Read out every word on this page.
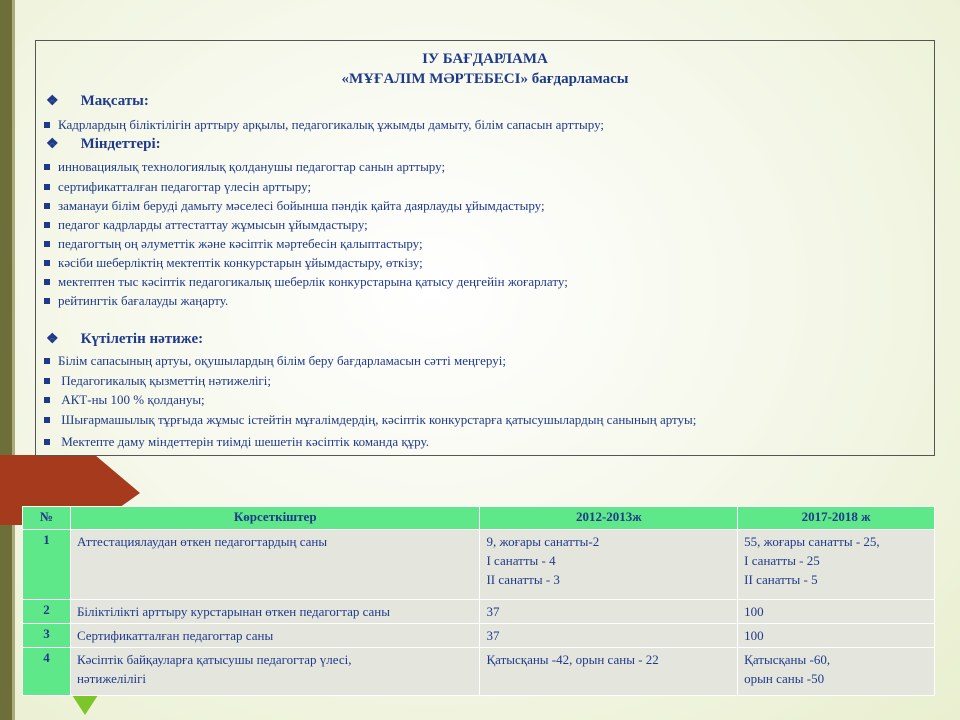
IУ БАҒДАРЛАМА
«МҰҒАЛІМ МӘРТЕБЕСІ» бағдарламасы
❖ Мақсаты:
Кадрлардың біліктілігін арттыру арқылы, педагогикалық ұжымды дамыту, білім сапасын арттыру;
❖ Міндеттері:
инновациялық технологиялық қолданушы педагогтар санын арттыру;
сертификатталған педагогтар үлесін арттыру;
заманауи білім беруді дамыту мәселесі бойынша пәндік қайта даярлауды ұйымдастыру;
педагог кадрларды аттестаттау жұмысын ұйымдастыру;
педагогтың оң әлуметтік және кәсіптік мәртебесін қалыптастыру;
кәсіби шеберліктің мектептік конкурстарын ұйымдастыру, өткізу;
мектептен тыс кәсіптік педагогикалық шеберлік конкурстарына қатысу деңгейін жоғарлату;
рейтингтік бағалауды жаңарту.
❖ Күтілетін нәтиже:
Білім сапасының артуы, оқушылардың білім беру бағдарламасын сәтті меңгеруі;
Педагогикалық қызметтің нәтижелігі;
АКТ-ны 100 % қолдануы;
Шығармашылық тұрғыда жұмыс істейтін мұғалімдердің, кәсіптік конкурстарға қатысушылардың санының артуы;
Мектепте даму міндеттерін тиімді шешетін кәсіптік команда құру.
№	Көрсеткіштер	2012-2013ж	2017-2018 ж
1	Аттестациялаудан өткен педагогтардың саны	9, жоғары санатты-2
I санатты - 4
II санатты - 3	55, жоғары санатты - 25,
I санатты - 25
II санатты - 5
2	Біліктілікті арттыру курстарынан өткен педагогтар саны	37	100
3	Сертификатталған педагогтар саны	37	100
4	Кәсіптік байқауларға қатысушы педагогтар үлесі,
нәтижелілігі	Қатысқаны -42, орын саны - 22	Қатысқаны -60,
орын саны -50
